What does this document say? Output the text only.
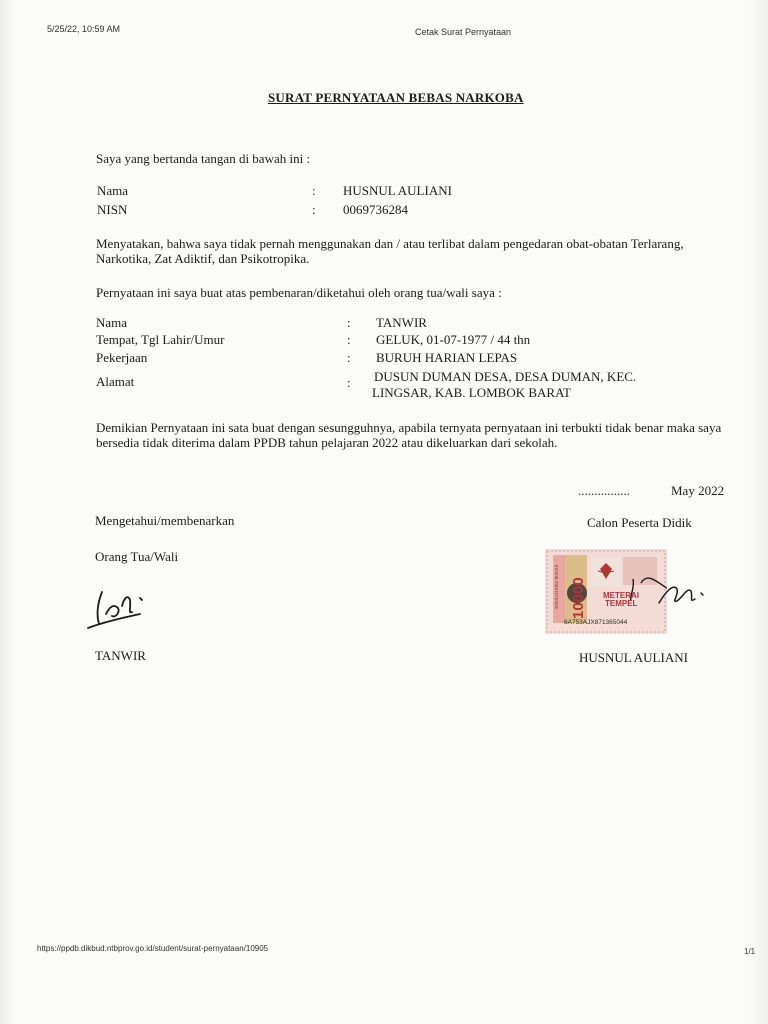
5/25/22, 10:59 AM	Cetak Surat Pernyataan
SURAT PERNYATAAN BEBAS NARKOBA
Saya yang bertanda tangan di bawah ini :
Nama	: HUSNUL AULIANI
NISN	: 0069736284
Menyatakan, bahwa saya tidak pernah menggunakan dan / atau terlibat dalam pengedaran obat-obatan Terlarang, Narkotika, Zat Adiktif, dan Psikotropika.
Pernyataan ini saya buat atas pembenaran/diketahui oleh orang tua/wali saya :
Nama	: TANWIR
Tempat, Tgl Lahir/Umur	: GELUK, 01-07-1977 / 44 thn
Pekerjaan	: BURUH HARIAN LEPAS
Alamat	: DUSUN DUMAN DESA, DESA DUMAN, KEC.
LINGSAR, KAB. LOMBOK BARAT
Demikian Pernyataan ini sata buat dengan sesungguhnya, apabila ternyata pernyataan ini terbukti tidak benar maka saya bersedia tidak diterima dalam PPDB tahun pelajaran 2022 atau dikeluarkan dari sekolah.
................	May 2022
Mengetahui/membenarkan
Orang Tua/Wali
TANWIR
Calon Peserta Didik
SEPULUH RIBU RUPIAH 10000 METERAI
TEMPEL
6A753AJX871365044
HUSNUL AULIANI
https://ppdb.dikbud.ntbprov.go.id/student/surat-pernyataan/10905	1/1
